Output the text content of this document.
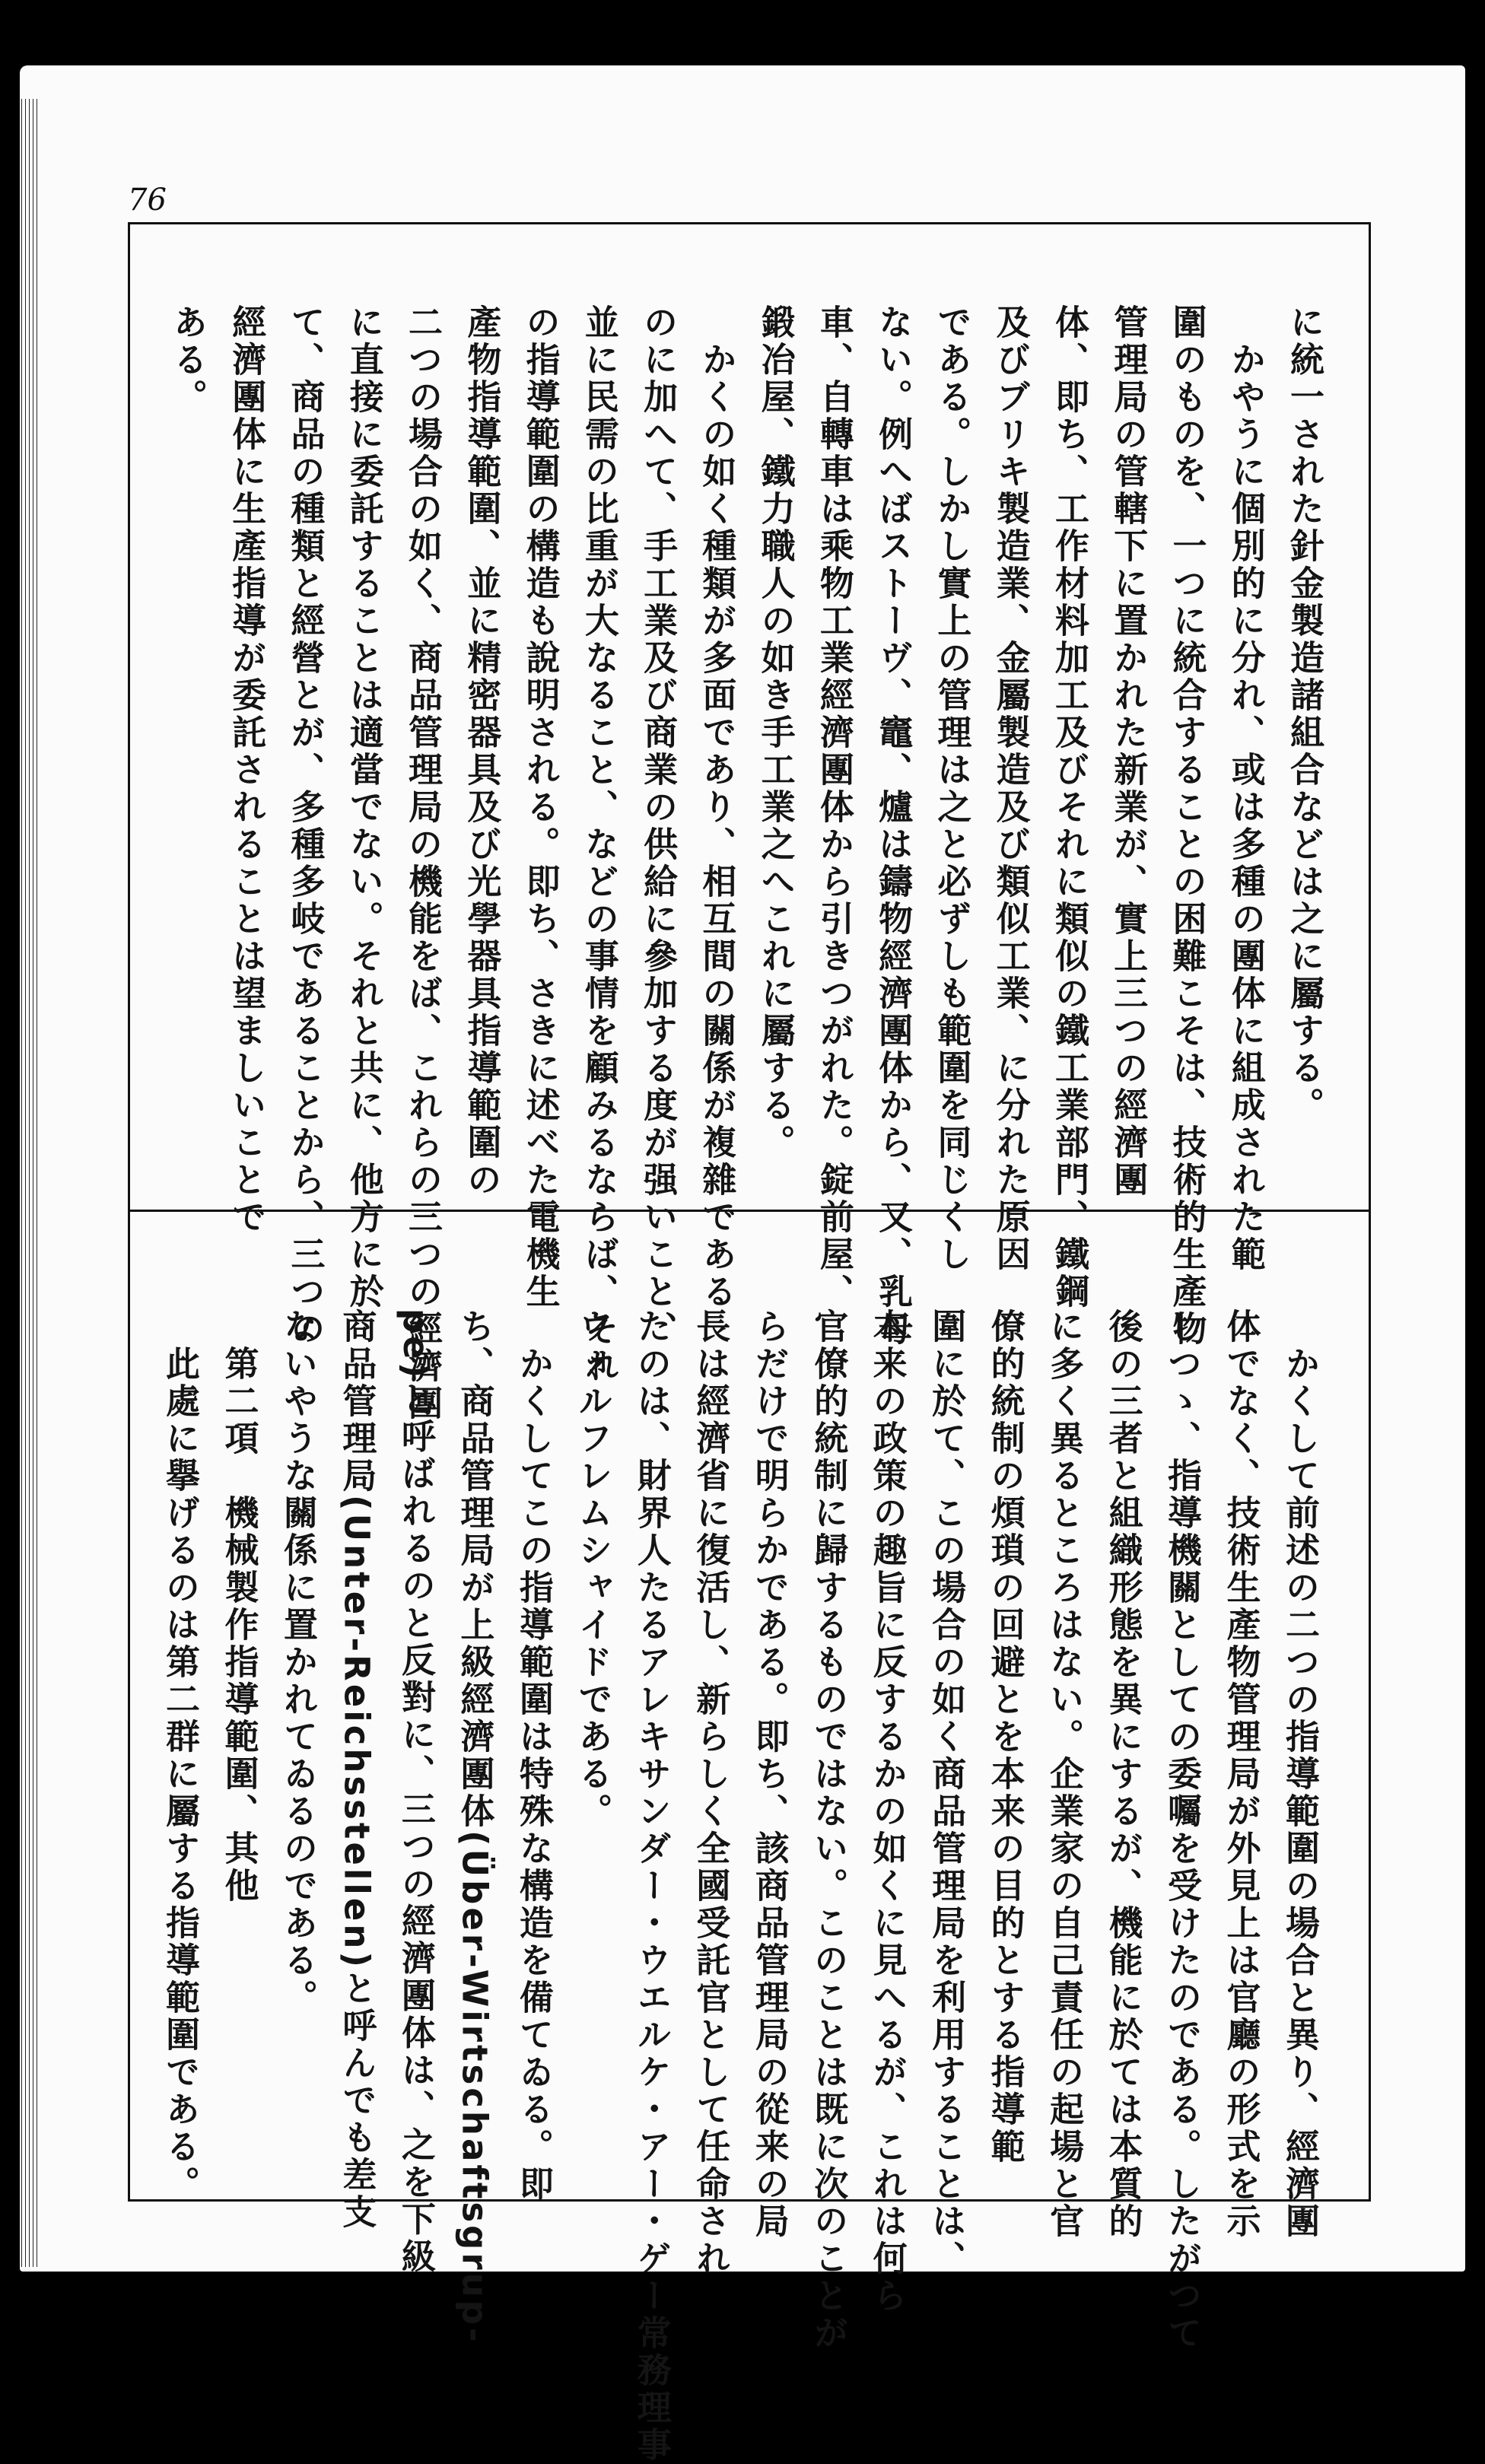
76
に統一された針金製造諸組合などは之に屬する。
　かやうに個別的に分れ、或は多種の團体に組成された範
圍のものを、一つに統合することの困難こそは、技術的生產物
管理局の管轄下に置かれた新業が、實上三つの經濟團
体、即ち、工作材料加工及びそれに類似の鐵工業部門、鐵鋼
及びブリキ製造業、金屬製造及び類似工業、に分れた原因
である。しかし實上の管理は之と必ずしも範圍を同じくし
ない。例へばストーヴ、竈、爐は鑄物經濟團体から、又、乳母
車、自轉車は乘物工業經濟團体から引きつがれた。錠前屋、
鍛冶屋、鐵力職人の如き手工業之へこれに屬する。
　かくの如く種類が多面であり、相互間の關係が複雜である
のに加へて、手工業及び商業の供給に參加する度が强いこと、
並に民需の比重が大なること、などの事情を顧みるならば、それ
の指導範圍の構造も說明される。即ち、さきに述べた電機生
產物指導範圍、並に精密器具及び光學器具指導範圍の
二つの場合の如く、商品管理局の機能をば、これらの三つの經濟團
に直接に委託することは適當でない。それと共に、他方に於
て、商品の種類と經營とが、多種多岐であることから、三つの
經濟團体に生產指導が委託されることは望ましいことで
ある。
　かくして前述の二つの指導範圍の場合と異り、經濟團
体でなく、技術生產物管理局が外見上は官廳の形式を示
しつゝ、指導機關としての委囑を受けたのである。したがつて
後の三者と組織形態を異にするが、機能に於ては本質的
に多く異るところはない。企業家の自己責任の起場と官
僚的統制の煩瑣の回避とを本来の目的とする指導範
圍に於て、この場合の如く商品管理局を利用することは、
本来の政策の趣旨に反するかの如くに見へるが、これは何ら
官僚的統制に歸するものではない。このことは既に次のことが
らだけで明らかである。即ち、該商品管理局の從来の局
長は經濟省に復活し、新らしく全國受託官として任命され
たのは、財界人たるアレキサンダー・ウエルケ・アー・ゲー常務理事
ウォルフレムシャイドである。
　かくしてこの指導範圍は特殊な構造を備てゐる。即
ち、商品管理局が上級經濟團体(Über-Wirtschaftsgrup-
pe)と呼ばれるのと反對に、三つの經濟團体は、之を下級
商品管理局(Unter-Reichsstellen)と呼んでも差支
ないやうな關係に置かれてゐるのである。
　第二項　機械製作指導範圍、其他
　此處に擧げるのは第二群に屬する指導範圍である。
